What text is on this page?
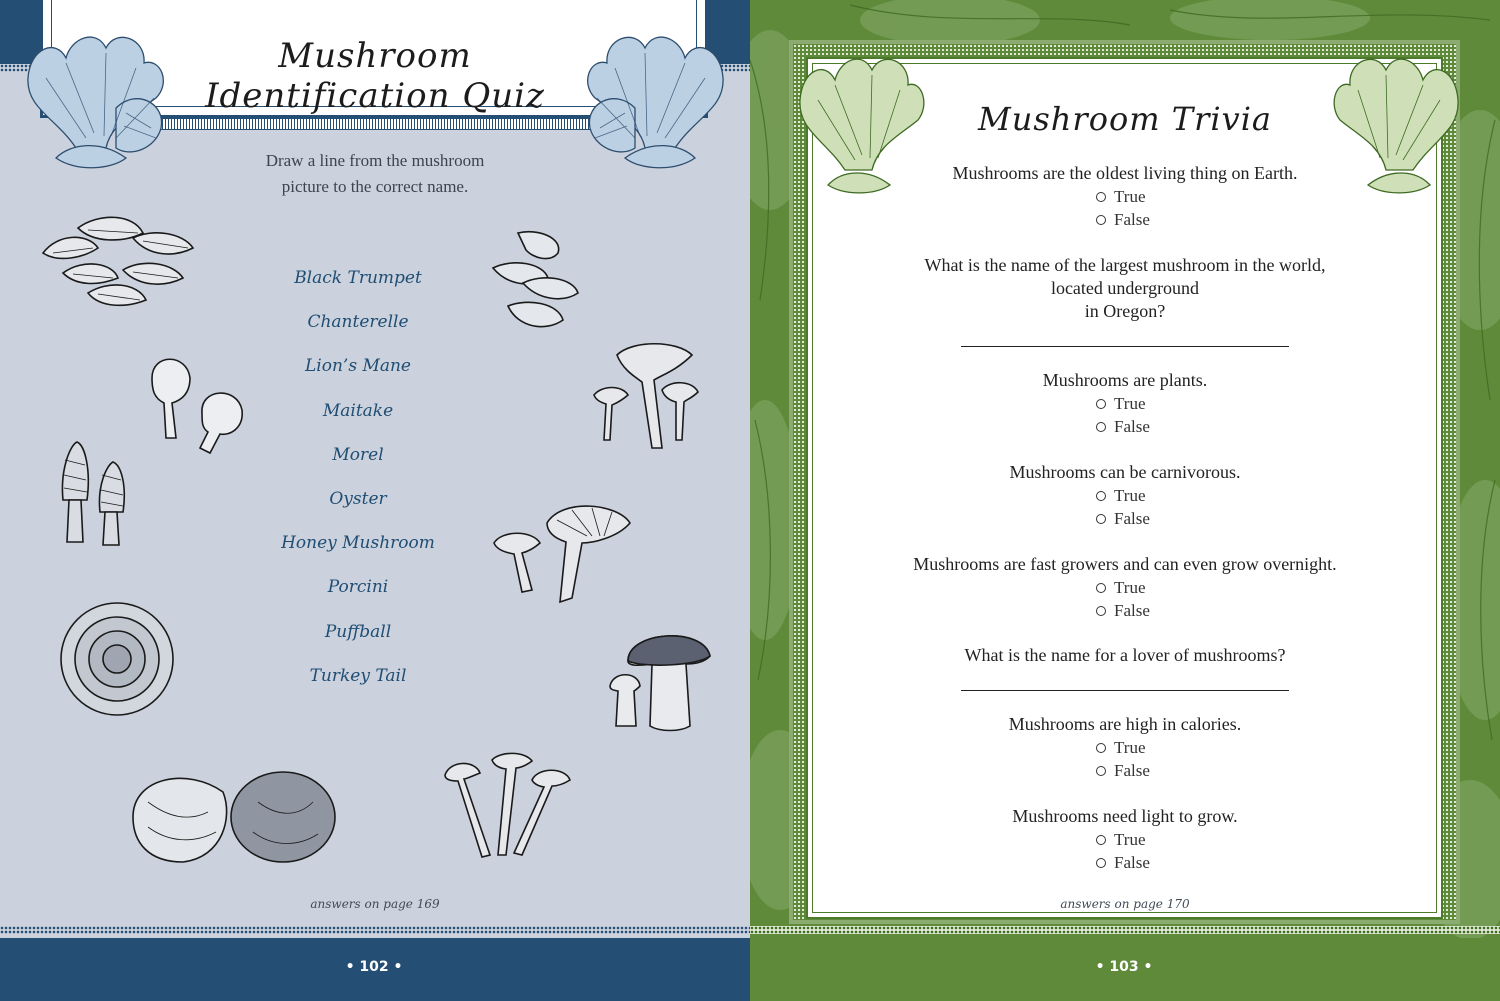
Mushroom Identification Quiz
Draw a line from the mushroom
picture to the correct name.
Black Trumpet
Chanterelle
Lion’s Mane
Maitake
Morel
Oyster
Honey Mushroom
Porcini
Puffball
Turkey Tail
answers on page 169
• 102 •	• 103 •
Mushroom Trivia
Mushrooms are the oldest living thing on Earth.
True
False
What is the name of the largest mushroom in the world,
located underground
in Oregon?
Mushrooms are plants.
True
False
Mushrooms can be carnivorous.
True
False
Mushrooms are fast growers and can even grow overnight.
True
False
What is the name for a lover of mushrooms?
Mushrooms are high in calories.
True
False
Mushrooms need light to grow.
True
False
answers on page 170
